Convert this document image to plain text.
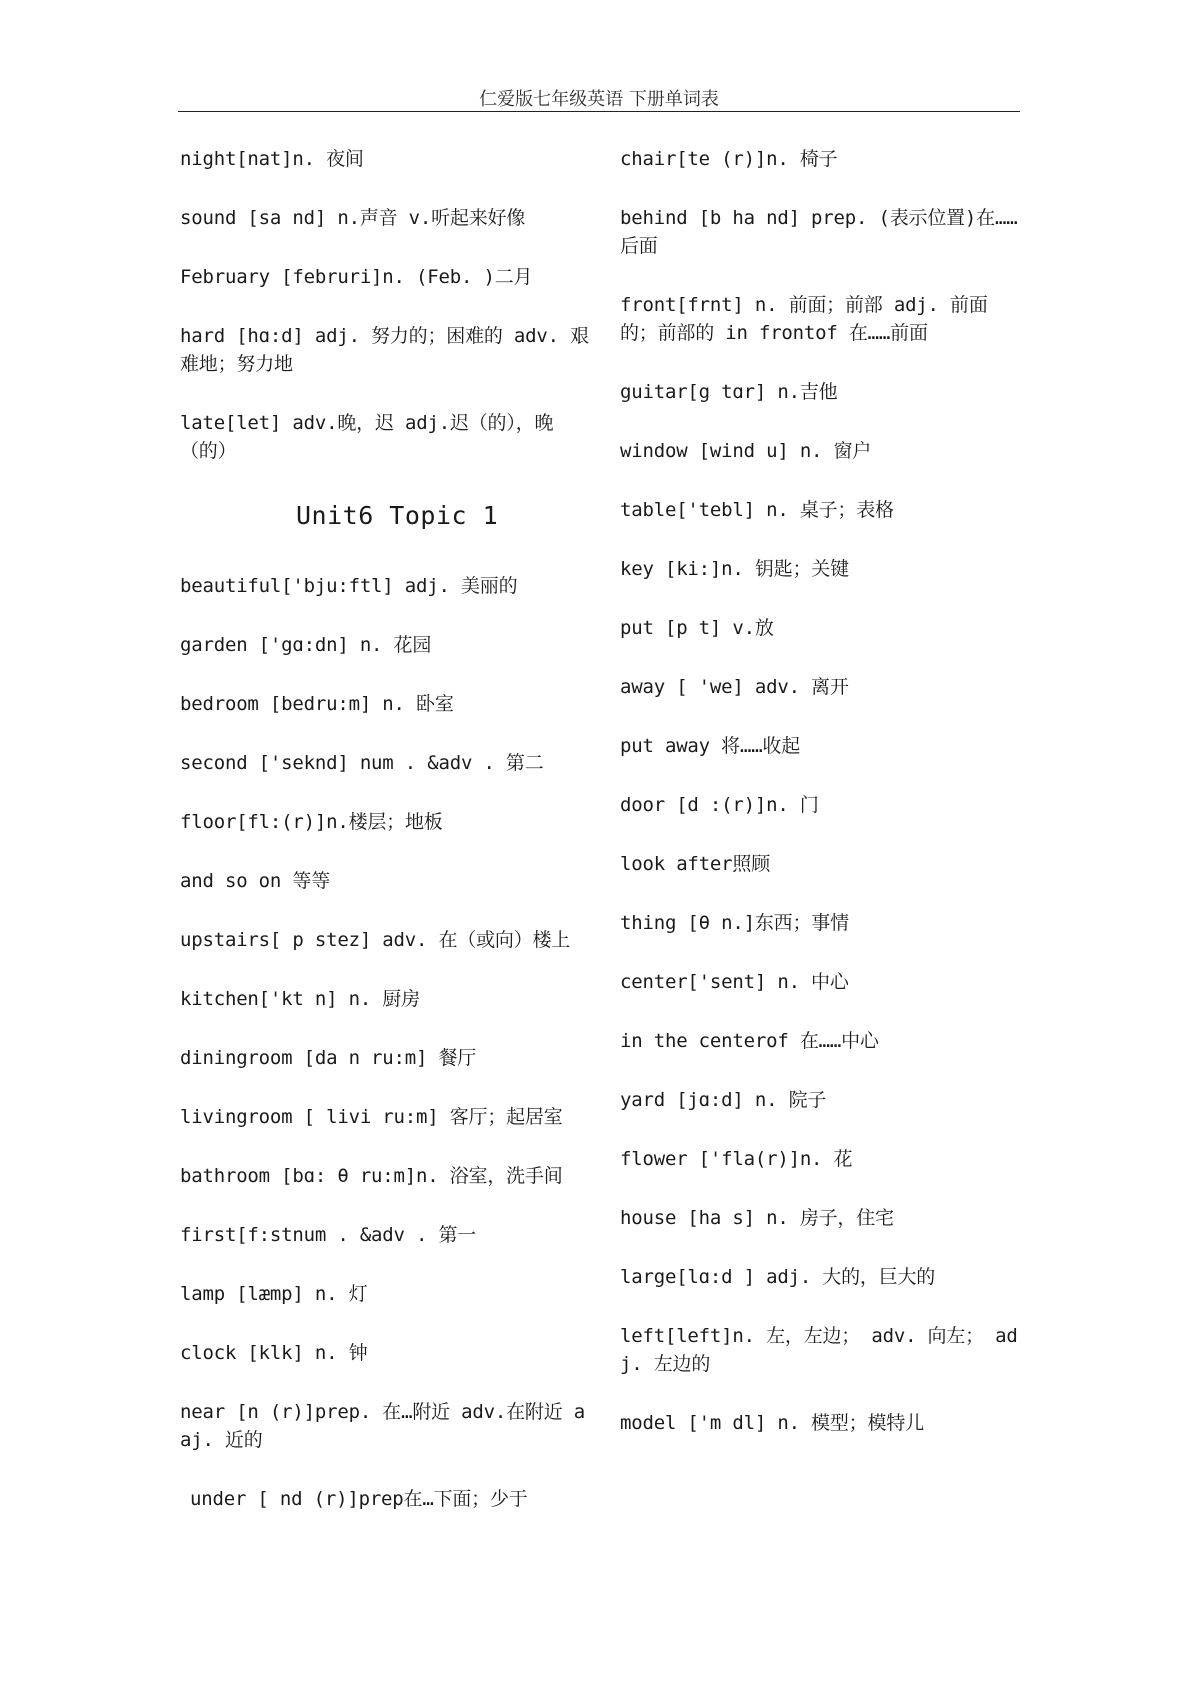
仁爱版七年级英语 下册单词表
night[nat]n. 夜间
sound [sa nd] n.声音 v.听起来好像
February [februri]n. (Feb. )二月
hard [hɑ:d] adj. 努力的；困难的 adv. 艰难地；努力地
late[let] adv.晚，迟 adj.迟（的），晚（的）
Unit6 Topic 1
beautiful['bju:ftl] adj. 美丽的
garden ['gɑ:dn] n. 花园
bedroom [bedru:m] n. 卧室
second ['seknd] num . &adv . 第二
floor[fl:(r)]n.楼层；地板
and so on 等等
upstairs[ p stez] adv. 在（或向）楼上
kitchen['kt n] n. 厨房
diningroom [da n ru:m] 餐厅
livingroom [ livi ru:m] 客厅；起居室
bathroom [bɑ: θ ru:m]n. 浴室，洗手间
first[f:stnum . &adv . 第一
lamp [læmp] n. 灯
clock [klk] n. 钟
near [n (r)]prep. 在…附近 adv.在附近 aaj. 近的
under [ nd (r)]prep在…下面；少于
chair[te (r)]n. 椅子
behind [b ha nd] prep. (表示位置)在……后面
front[frnt] n. 前面；前部 adj. 前面的；前部的 in frontof 在……前面
guitar[g tɑr] n.吉他
window [wind u] n. 窗户
table['tebl] n. 桌子；表格
key [ki:]n. 钥匙；关键
put [p t] v.放
away [ 'we] adv. 离开
put away 将……收起
door [d :(r)]n. 门
look after照顾
thing [θ n.]东西；事情
center['sent] n. 中心
in the centerof 在……中心
yard [jɑ:d] n. 院子
flower ['fla(r)]n. 花
house [ha s] n. 房子，住宅
large[lɑ:d ] adj. 大的，巨大的
left[left]n. 左，左边； adv. 向左； adj. 左边的
model ['m dl] n. 模型；模特儿
